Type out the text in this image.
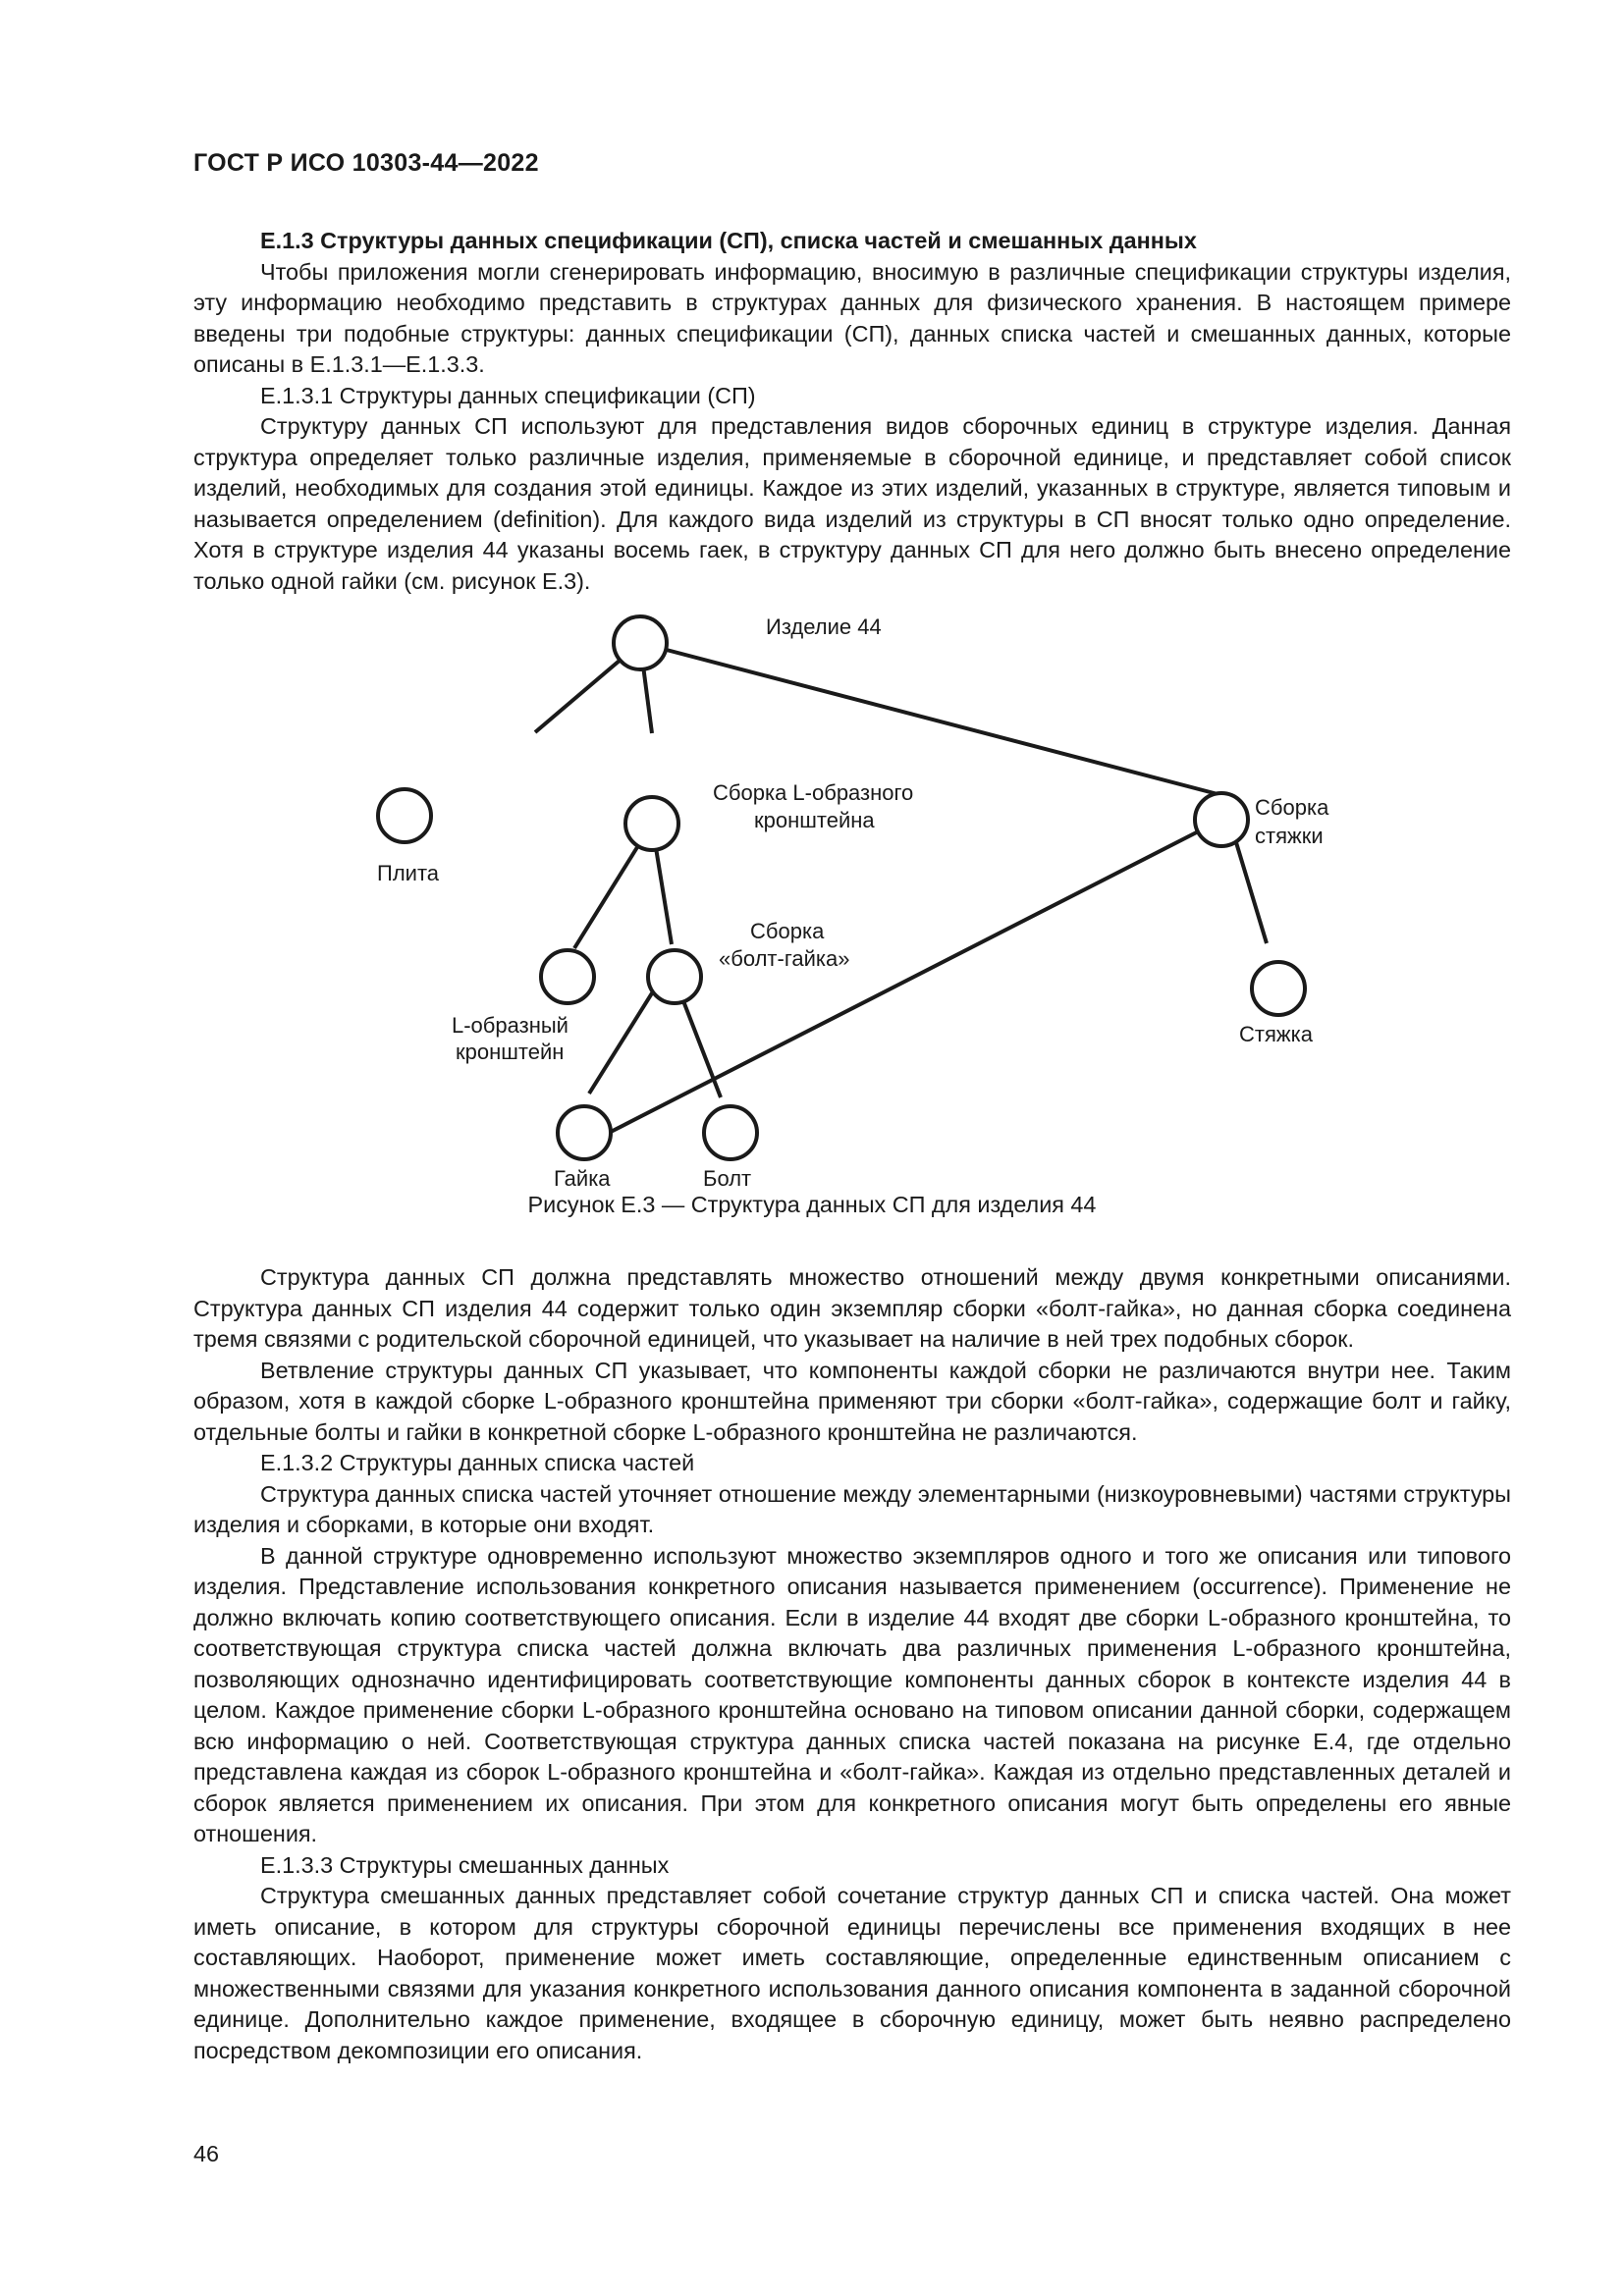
ГОСТ Р ИСО 10303-44—2022

Е.1.3 Структуры данных спецификации (СП), списка частей и смешанных данных

Чтобы приложения могли сгенерировать информацию, вносимую в различные спецификации структуры изделия, эту информацию необходимо представить в структурах данных для физического хранения. В настоящем примере введены три подобные структуры: данных спецификации (СП), данных списка частей и смешанных данных, которые описаны в Е.1.3.1—Е.1.3.3.

Е.1.3.1 Структуры данных спецификации (СП)

Структуру данных СП используют для представления видов сборочных единиц в структуре изделия. Данная структура определяет только различные изделия, применяемые в сборочной единице, и представляет собой список изделий, необходимых для создания этой единицы. Каждое из этих изделий, указанных в структуре, является типовым и называется определением (definition). Для каждого вида изделий из структуры в СП вносят только одно определение. Хотя в структуре изделия 44 указаны восемь гаек, в структуру данных СП для него должно быть внесено определение только одной гайки (см. рисунок Е.3).

Изделие 44
Плита
Сборка L-образного
кронштейна
Сборка
стяжки
Сборка
«болт-гайка»
L-образный
кронштейн
Стяжка
Гайка	Болт
Рисунок Е.3 — Структура данных СП для изделия 44

Структура данных СП должна представлять множество отношений между двумя конкретными описаниями. Структура данных СП изделия 44 содержит только один экземпляр сборки «болт-гайка», но данная сборка соединена тремя связями с родительской сборочной единицей, что указывает на наличие в ней трех подобных сборок.

Ветвление структуры данных СП указывает, что компоненты каждой сборки не различаются внутри нее. Таким образом, хотя в каждой сборке L-образного кронштейна применяют три сборки «болт-гайка», содержащие болт и гайку, отдельные болты и гайки в конкретной сборке L-образного кронштейна не различаются.

Е.1.3.2 Структуры данных списка частей

Структура данных списка частей уточняет отношение между элементарными (низкоуровневыми) частями структуры изделия и сборками, в которые они входят.

В данной структуре одновременно используют множество экземпляров одного и того же описания или типового изделия. Представление использования конкретного описания называется применением (occurrence). Применение не должно включать копию соответствующего описания. Если в изделие 44 входят две сборки L-образного кронштейна, то соответствующая структура списка частей должна включать два различных применения L-образного кронштейна, позволяющих однозначно идентифицировать соответствующие компоненты данных сборок в контексте изделия 44 в целом. Каждое применение сборки L-образного кронштейна основано на типовом описании данной сборки, содержащем всю информацию о ней. Соответствующая структура данных списка частей показана на рисунке Е.4, где отдельно представлена каждая из сборок L-образного кронштейна и «болт-гайка». Каждая из отдельно представленных деталей и сборок является применением их описания. При этом для конкретного описания могут быть определены его явные отношения.

Е.1.3.3 Структуры смешанных данных

Структура смешанных данных представляет собой сочетание структур данных СП и списка частей. Она может иметь описание, в котором для структуры сборочной единицы перечислены все применения входящих в нее составляющих. Наоборот, применение может иметь составляющие, определенные единственным описанием с множественными связями для указания конкретного использования данного описания компонента в заданной сборочной единице. Дополнительно каждое применение, входящее в сборочную единицу, может быть неявно распределено посредством декомпозиции его описания.

46
